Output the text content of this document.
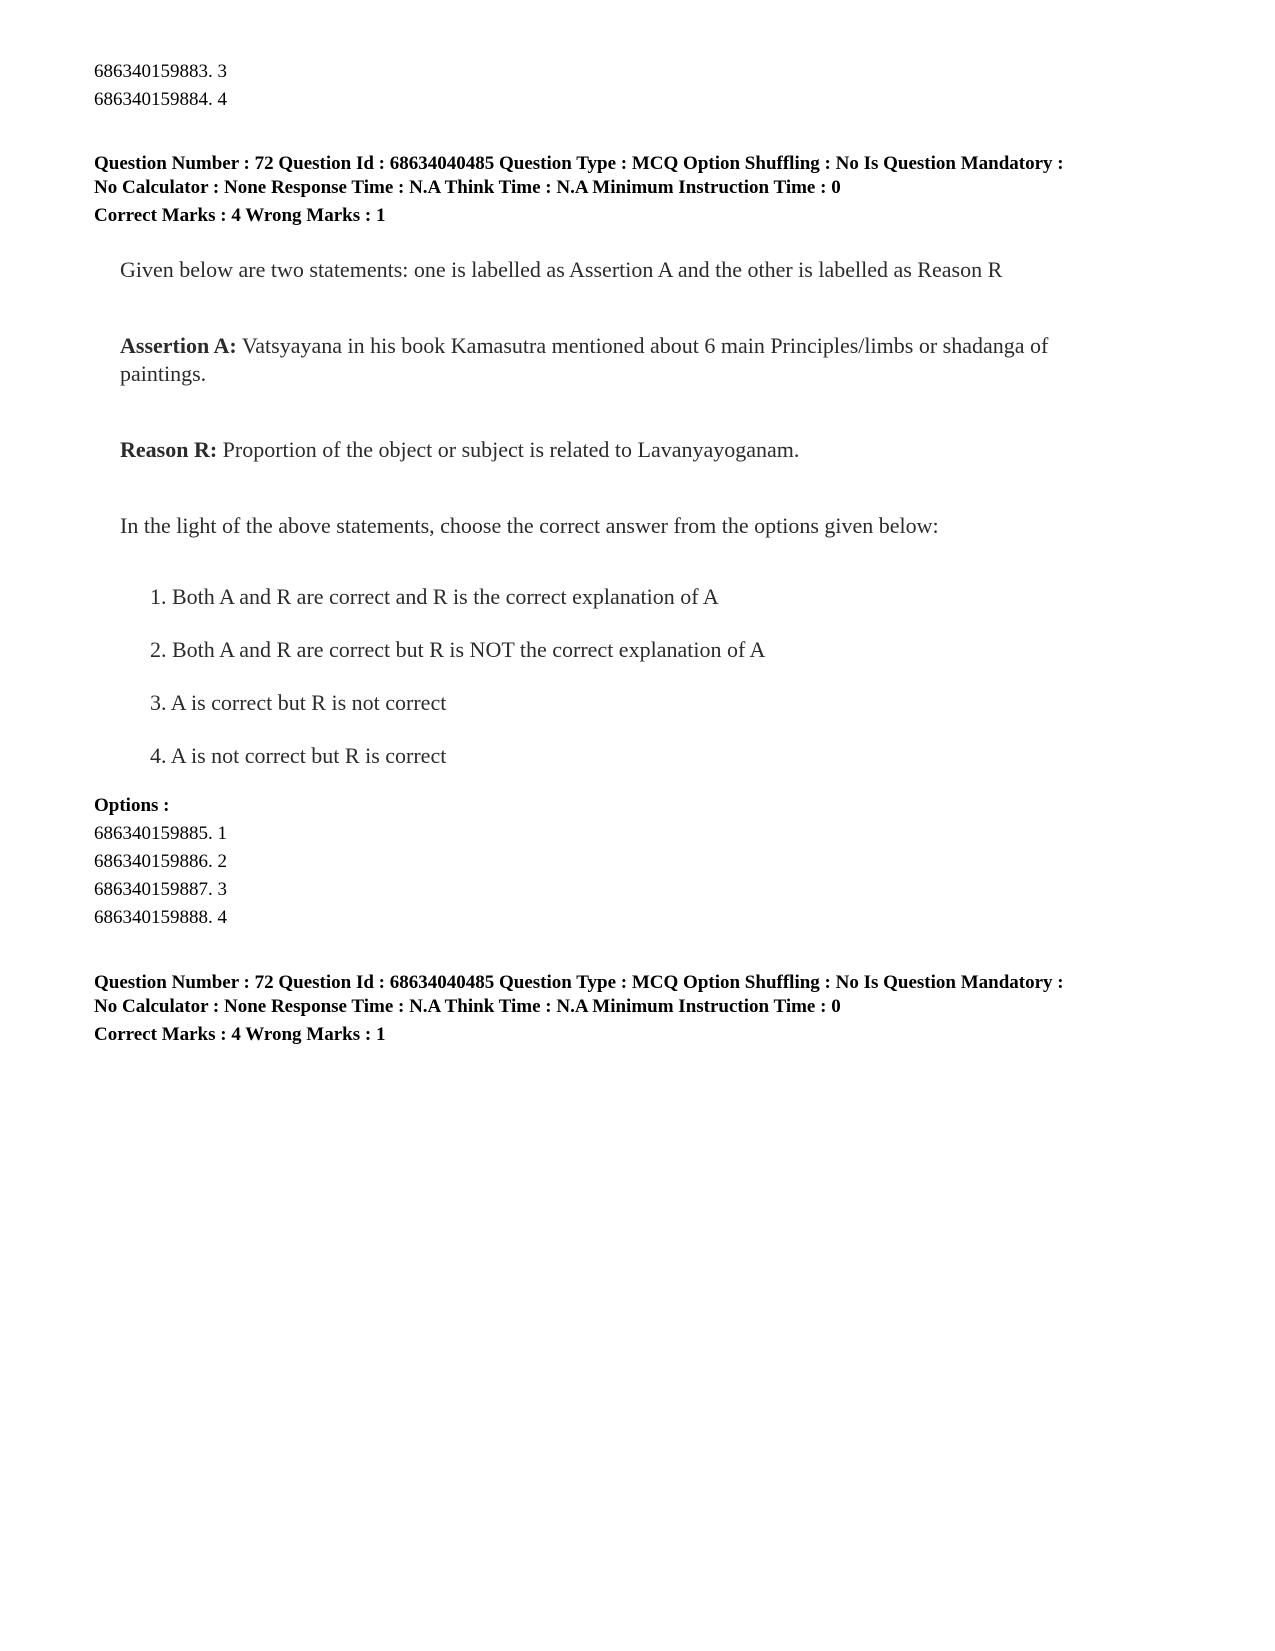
686340159883. 3
686340159884. 4
Question Number : 72 Question Id : 68634040485 Question Type : MCQ Option Shuffling : No Is Question Mandatory :
No Calculator : None Response Time : N.A Think Time : N.A Minimum Instruction Time : 0
Correct Marks : 4 Wrong Marks : 1

Given below are two statements: one is labelled as Assertion A and the other is labelled as Reason R

Assertion A: Vatsyayana in his book Kamasutra mentioned about 6 main Principles/limbs or shadanga of paintings.

Reason R: Proportion of the object or subject is related to Lavanyayoganam.

In the light of the above statements, choose the correct answer from the options given below:

1. Both A and R are correct and R is the correct explanation of A
2. Both A and R are correct but R is NOT the correct explanation of A
3. A is correct but R is not correct
4. A is not correct but R is correct
Options :
686340159885. 1
686340159886. 2
686340159887. 3
686340159888. 4
Question Number : 72 Question Id : 68634040485 Question Type : MCQ Option Shuffling : No Is Question Mandatory :
No Calculator : None Response Time : N.A Think Time : N.A Minimum Instruction Time : 0
Correct Marks : 4 Wrong Marks : 1
